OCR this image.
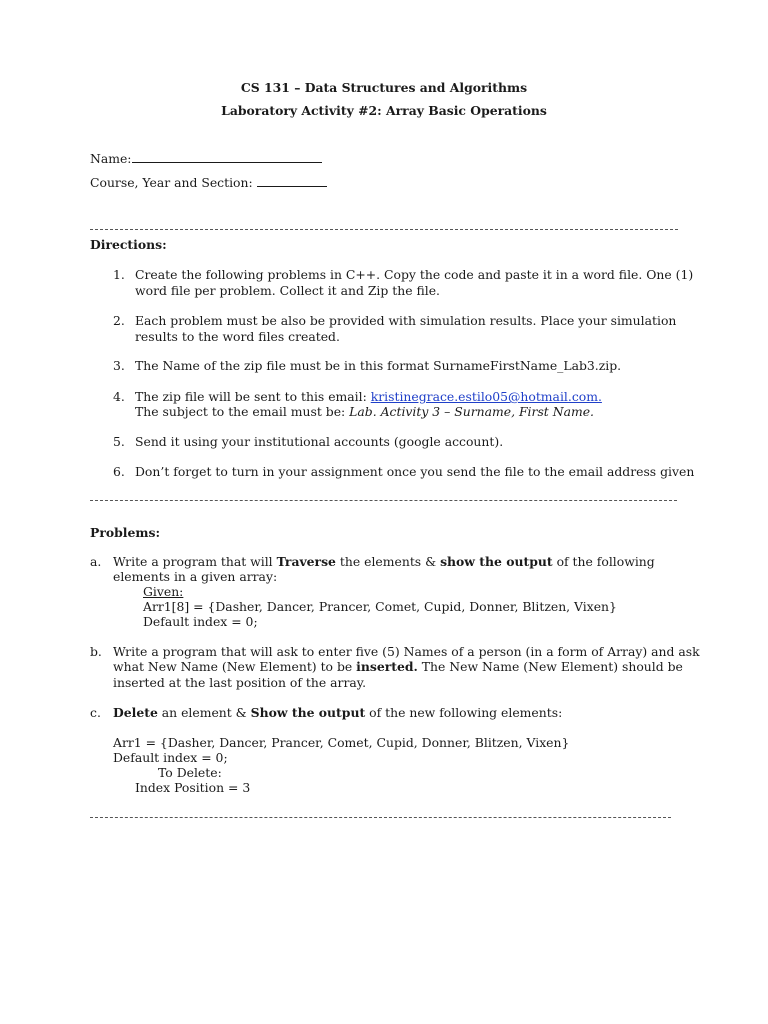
CS 131 – Data Structures and Algorithms
Laboratory Activity #2: Array Basic Operations
Name:
Course, Year and Section:
Directions:
1. Create the following problems in C++. Copy the code and paste it in a word file. One (1)
word file per problem. Collect it and Zip the file.
2. Each problem must be also be provided with simulation results. Place your simulation
results to the word files created.
3. The Name of the zip file must be in this format SurnameFirstName_Lab3.zip.
4. The zip file will be sent to this email: kristinegrace.estilo05@hotmail.com.
The subject to the email must be: Lab. Activity 3 – Surname, First Name.
5. Send it using your institutional accounts (google account).
6. Don’t forget to turn in your assignment once you send the file to the email address given
Problems:
a. Write a program that will Traverse the elements & show the output of the following
elements in a given array:
Given:
Arr1[8] = {Dasher, Dancer, Prancer, Comet, Cupid, Donner, Blitzen, Vixen}
Default index = 0;
b. Write a program that will ask to enter five (5) Names of a person (in a form of Array) and ask
what New Name (New Element) to be inserted. The New Name (New Element) should be
inserted at the last position of the array.
c. Delete an element & Show the output of the new following elements:
Arr1 = {Dasher, Dancer, Prancer, Comet, Cupid, Donner, Blitzen, Vixen}
Default index = 0;
To Delete:
Index Position = 3
